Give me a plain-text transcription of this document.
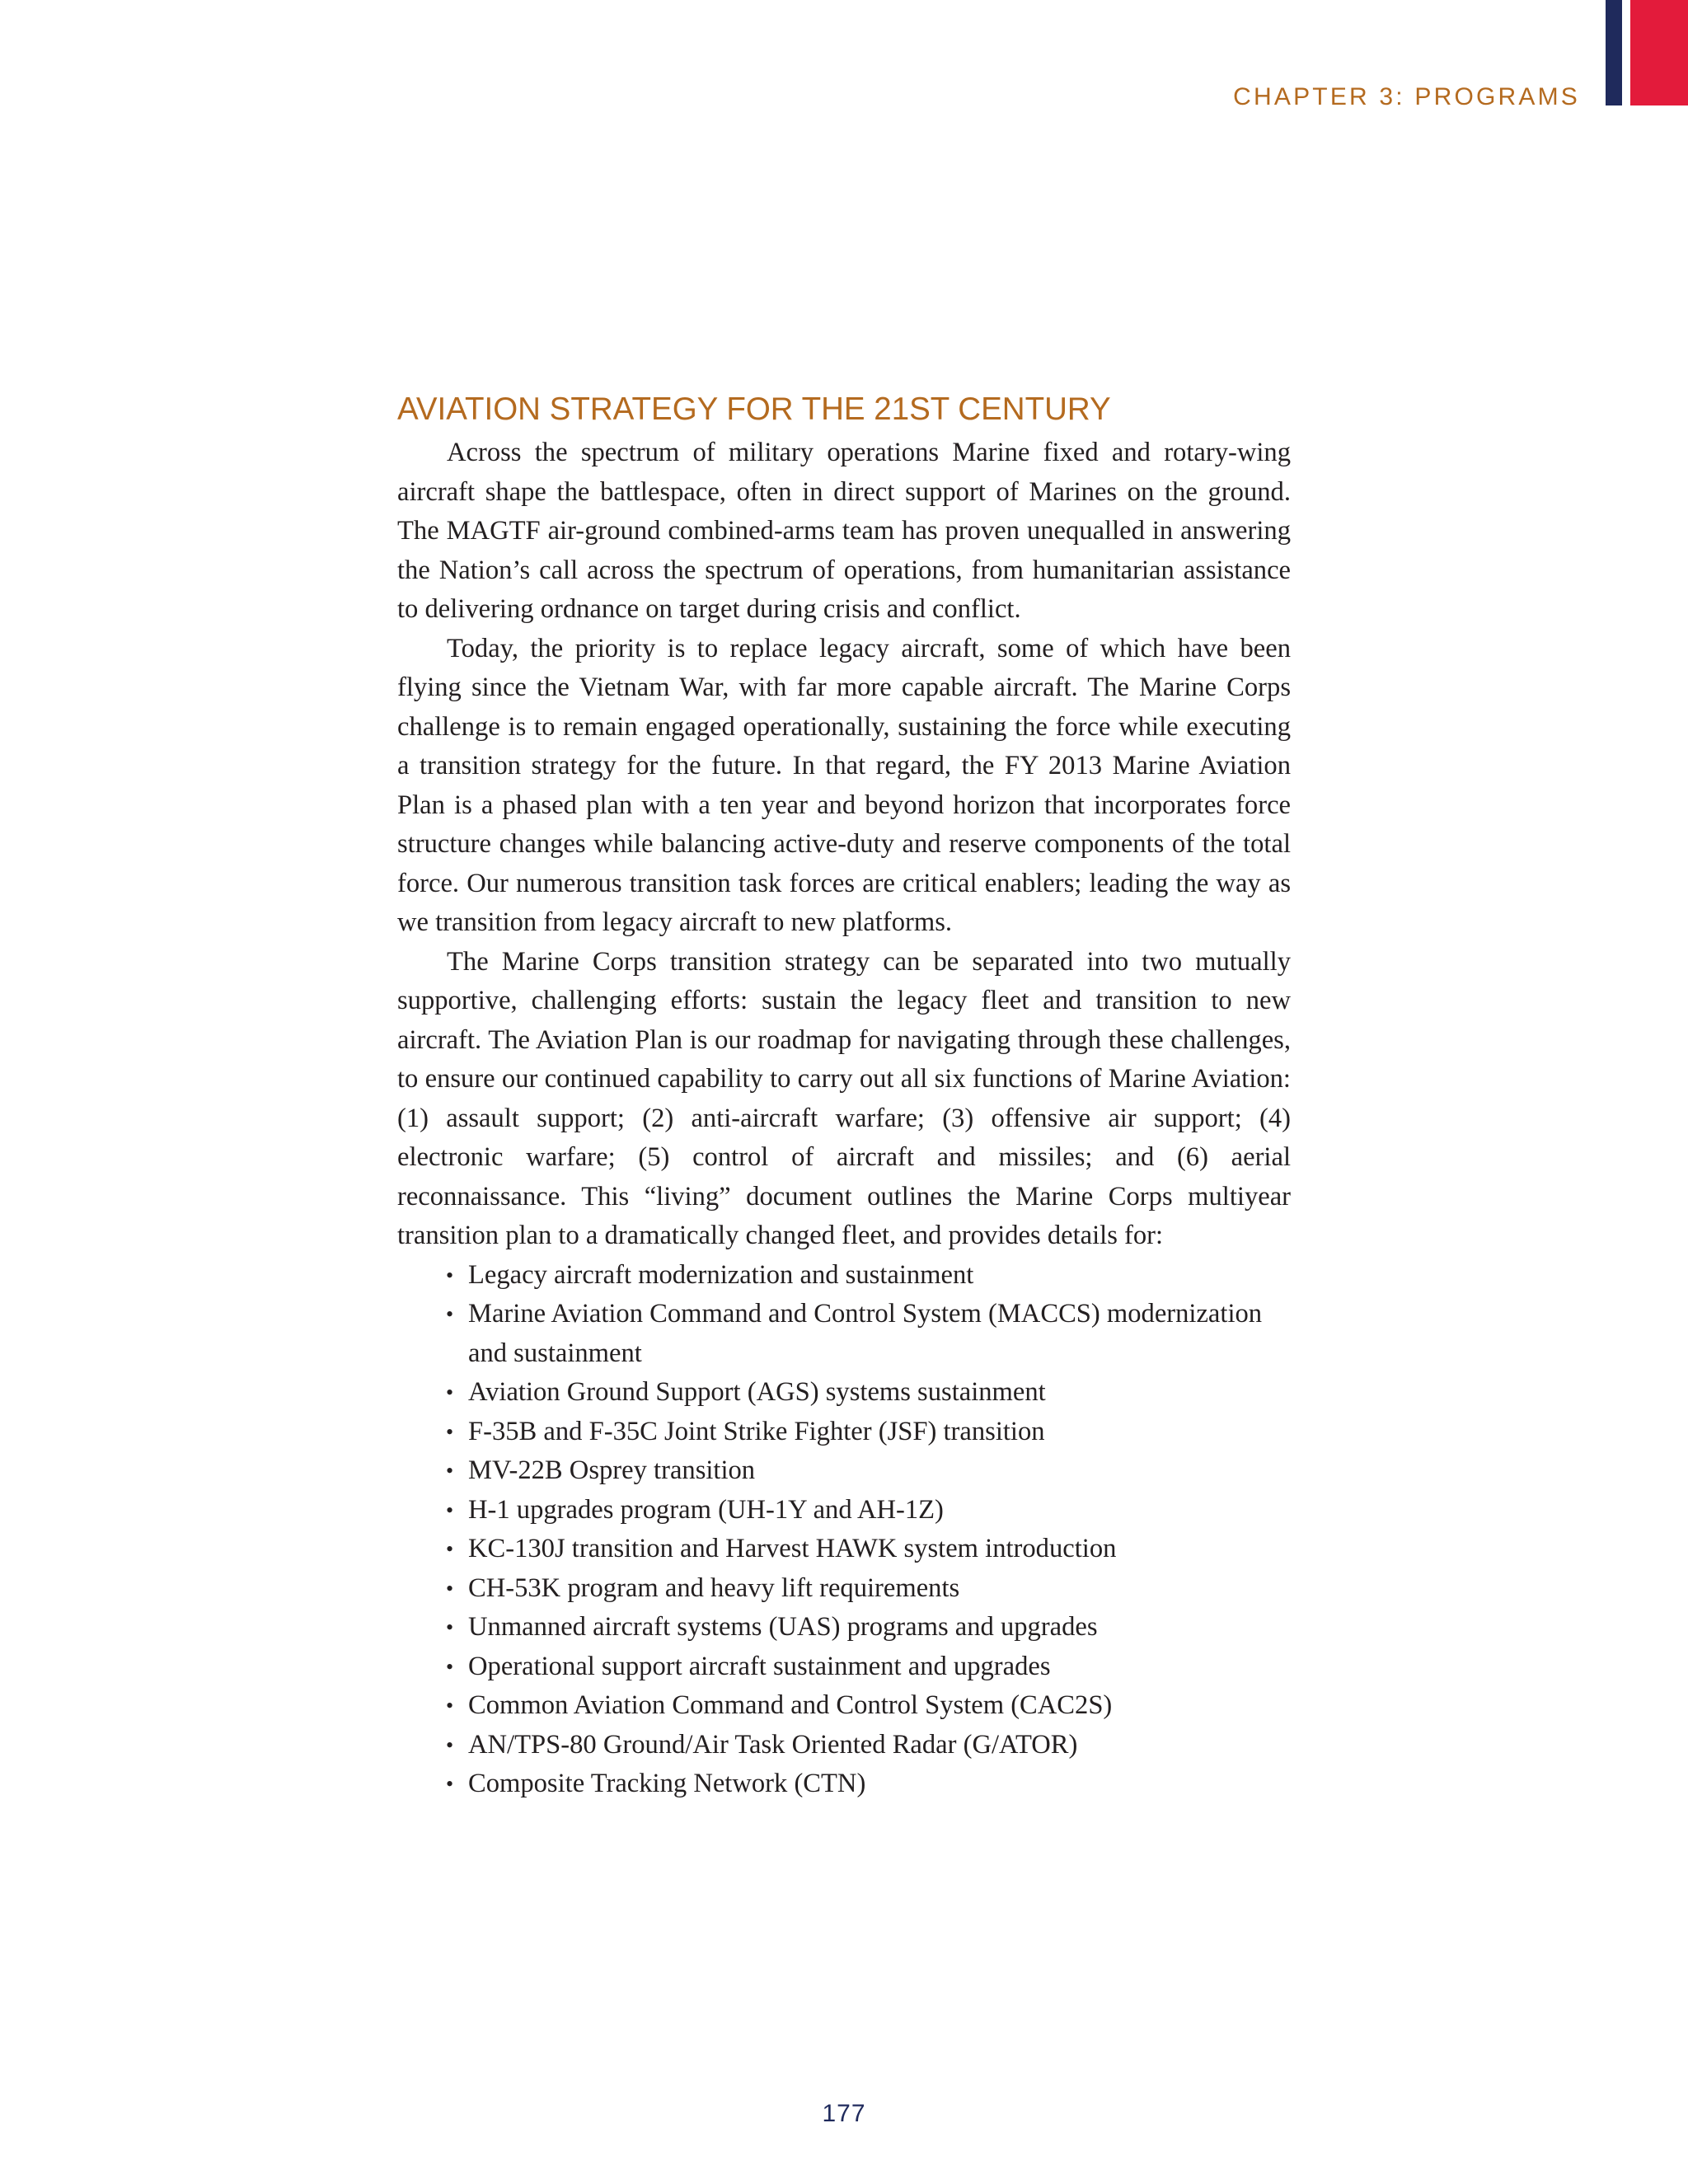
CHAPTER 3: PROGRAMS
AVIATION STRATEGY FOR THE 21ST CENTURY

Across the spectrum of military operations Marine fixed and rotary-wing aircraft shape the battlespace, often in direct support of Marines on the ground. The MAGTF air-ground combined-arms team has proven unequalled in answering the Nation’s call across the spectrum of operations, from humanitarian assistance to delivering ordnance on target during crisis and conflict.

Today, the priority is to replace legacy aircraft, some of which have been flying since the Vietnam War, with far more capable aircraft. The Marine Corps challenge is to remain engaged operationally, sustaining the force while executing a transition strategy for the future. In that regard, the FY 2013 Marine Aviation Plan is a phased plan with a ten year and beyond horizon that incorporates force structure changes while balancing active-duty and reserve components of the total force. Our numerous transition task forces are critical enablers; leading the way as we transition from legacy aircraft to new platforms.

The Marine Corps transition strategy can be separated into two mutually supportive, challenging efforts: sustain the legacy fleet and transition to new aircraft. The Aviation Plan is our roadmap for navigating through these challenges, to ensure our continued capability to carry out all six functions of Marine Aviation: (1) assault support; (2) anti-aircraft warfare; (3) offensive air support; (4) electronic warfare; (5) control of aircraft and missiles; and (6) aerial reconnaissance. This “living” document outlines the Marine Corps multiyear transition plan to a dramatically changed fleet, and provides details for:

• Legacy aircraft modernization and sustainment
• Marine Aviation Command and Control System (MACCS) modernization and sustainment
• Aviation Ground Support (AGS) systems sustainment
• F-35B and F-35C Joint Strike Fighter (JSF) transition
• MV-22B Osprey transition
• H-1 upgrades program (UH-1Y and AH-1Z)
• KC-130J transition and Harvest HAWK system introduction
• CH-53K program and heavy lift requirements
• Unmanned aircraft systems (UAS) programs and upgrades
• Operational support aircraft sustainment and upgrades
• Common Aviation Command and Control System (CAC2S)
• AN/TPS-80 Ground/Air Task Oriented Radar (G/ATOR)
• Composite Tracking Network (CTN)
177
